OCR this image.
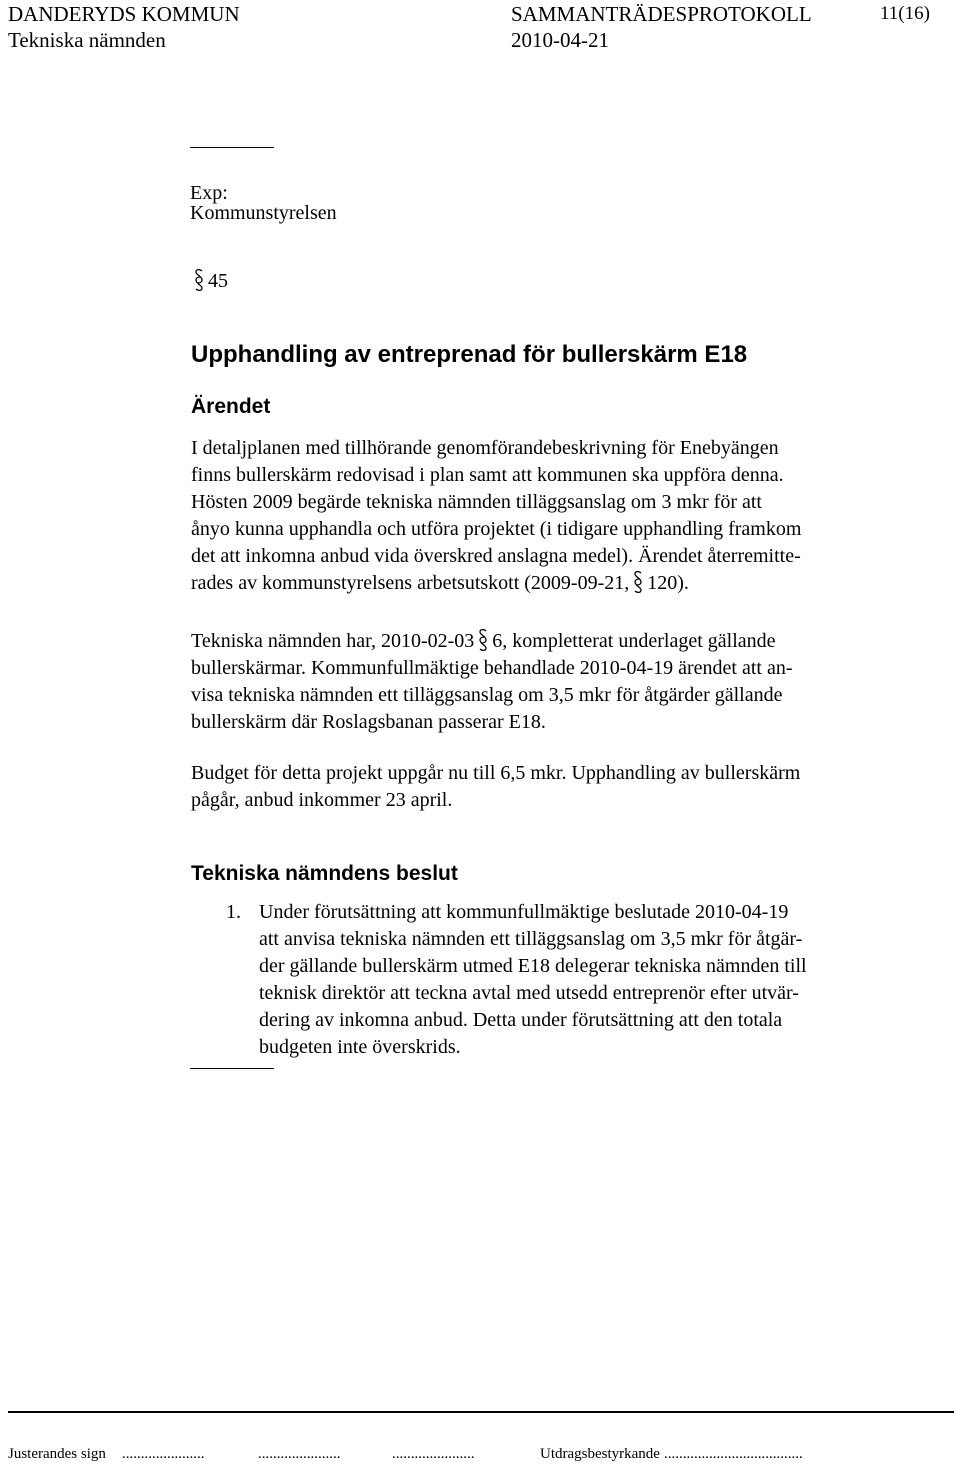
DANDERYDS KOMMUN	SAMMANTRÄDESPROTOKOLL	11(16)
Tekniska nämnden	2010-04-21
Exp:
Kommunstyrelsen
45
Upphandling av entreprenad för bullerskärm E18
Ärendet
I detaljplanen med tillhörande genomförandebeskrivning för Enebyängen
finns bullerskärm redovisad i plan samt att kommunen ska uppföra denna.
Hösten 2009 begärde tekniska nämnden tilläggsanslag om 3 mkr för att
ånyo kunna upphandla och utföra projektet (i tidigare upphandling framkom
det att inkomna anbud vida överskred anslagna medel). Ärendet återremitte-
rades av kommunstyrelsens arbetsutskott (2009-09-21, 120).
Tekniska nämnden har, 2010-02-03 6, kompletterat underlaget gällande
bullerskärmar. Kommunfullmäktige behandlade 2010-04-19 ärendet att an-
visa tekniska nämnden ett tilläggsanslag om 3,5 mkr för åtgärder gällande
bullerskärm där Roslagsbanan passerar E18.
Budget för detta projekt uppgår nu till 6,5 mkr. Upphandling av bullerskärm
pågår, anbud inkommer 23 april.
Tekniska nämndens beslut
1. Under förutsättning att kommunfullmäktige beslutade 2010-04-19
att anvisa tekniska nämnden ett tilläggsanslag om 3,5 mkr för åtgär-
der gällande bullerskärm utmed E18 delegerar tekniska nämnden till
teknisk direktör att teckna avtal med utsedd entreprenör efter utvär-
dering av inkomna anbud. Detta under förutsättning att den totala
budgeten inte överskrids.
Justerandes sign ......................	......................	......................	Utdragsbestyrkande .....................................
